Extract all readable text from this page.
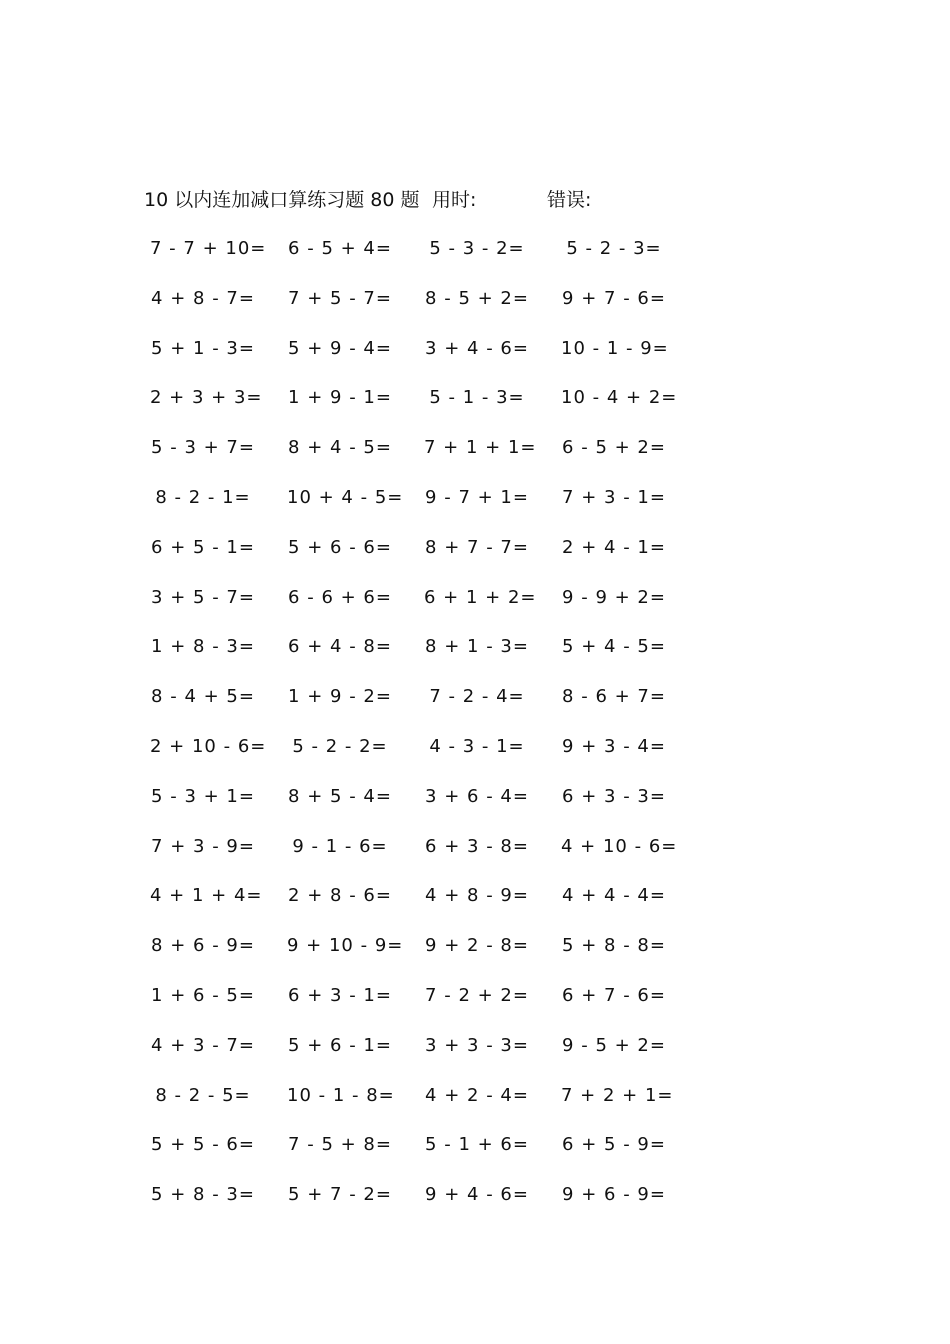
10 以内连加减口算练习题 80 题 用时:	错误:
7 - 7 + 10= 6 - 5 + 4= 5 - 3 - 2= 5 - 2 - 3=
4 + 8 - 7= 7 + 5 - 7= 8 - 5 + 2= 9 + 7 - 6=
5 + 1 - 3= 5 + 9 - 4= 3 + 4 - 6= 10 - 1 - 9=
2 + 3 + 3= 1 + 9 - 1= 5 - 1 - 3= 10 - 4 + 2=
5 - 3 + 7= 8 + 4 - 5= 7 + 1 + 1= 6 - 5 + 2=
8 - 2 - 1= 10 + 4 - 5= 9 - 7 + 1= 7 + 3 - 1=
6 + 5 - 1= 5 + 6 - 6= 8 + 7 - 7= 2 + 4 - 1=
3 + 5 - 7= 6 - 6 + 6= 6 + 1 + 2= 9 - 9 + 2=
1 + 8 - 3= 6 + 4 - 8= 8 + 1 - 3= 5 + 4 - 5=
8 - 4 + 5= 1 + 9 - 2= 7 - 2 - 4= 8 - 6 + 7=
2 + 10 - 6= 5 - 2 - 2= 4 - 3 - 1= 9 + 3 - 4=
5 - 3 + 1= 8 + 5 - 4= 3 + 6 - 4= 6 + 3 - 3=
7 + 3 - 9= 9 - 1 - 6= 6 + 3 - 8= 4 + 10 - 6=
4 + 1 + 4= 2 + 8 - 6= 4 + 8 - 9= 4 + 4 - 4=
8 + 6 - 9= 9 + 10 - 9= 9 + 2 - 8= 5 + 8 - 8=
1 + 6 - 5= 6 + 3 - 1= 7 - 2 + 2= 6 + 7 - 6=
4 + 3 - 7= 5 + 6 - 1= 3 + 3 - 3= 9 - 5 + 2=
8 - 2 - 5= 10 - 1 - 8= 4 + 2 - 4= 7 + 2 + 1=
5 + 5 - 6= 7 - 5 + 8= 5 - 1 + 6= 6 + 5 - 9=
5 + 8 - 3= 5 + 7 - 2= 9 + 4 - 6= 9 + 6 - 9=
